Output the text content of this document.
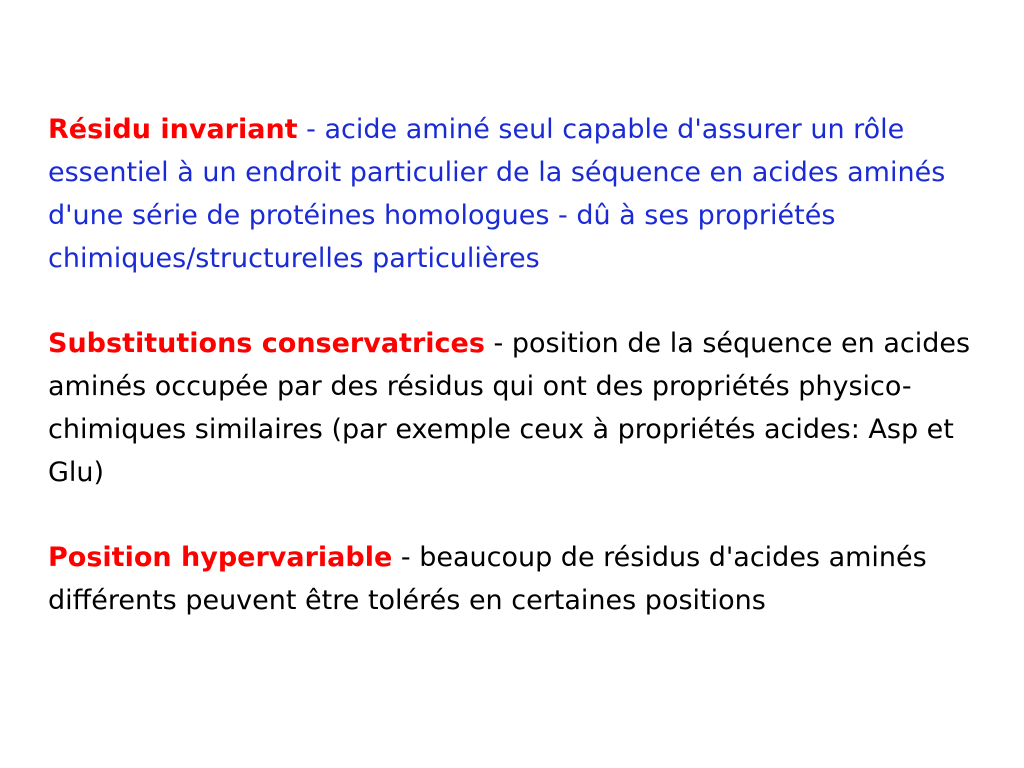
Résidu invariant - acide aminé seul capable d'assurer un rôle essentiel à un endroit particulier de la séquence en acides aminés d'une série de protéines homologues - dû à ses propriétés chimiques/structurelles particulières

Substitutions conservatrices - position de la séquence en acides aminés occupée par des résidus qui ont des propriétés physico-chimiques similaires (par exemple ceux à propriétés acides: Asp et Glu)

Position hypervariable - beaucoup de résidus d'acides aminés différents peuvent être tolérés en certaines positions
